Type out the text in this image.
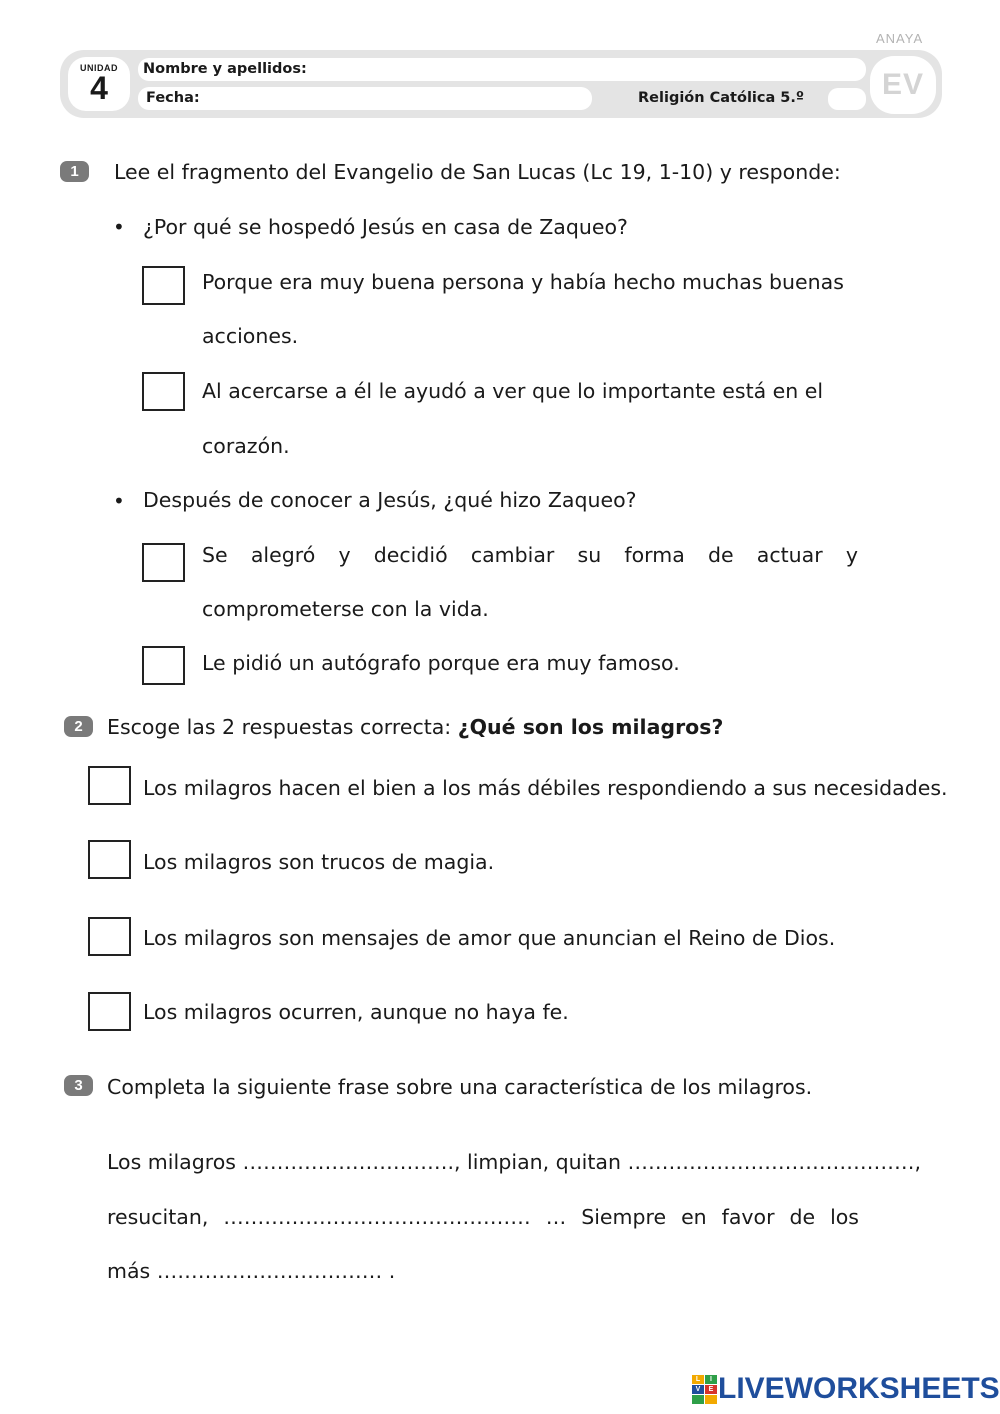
ANAYA
UNIDAD
4
Nombre y apellidos:
Fecha:	Religión Católica 5.º	EV
1	Lee el fragmento del Evangelio de San Lucas (Lc 19, 1-10) y responde:
• ¿Por qué se hospedó Jesús en casa de Zaqueo?
Porque era muy buena persona y había hecho muchas buenas
acciones.
Al acercarse a él le ayudó a ver que lo importante está en el
corazón.
• Después de conocer a Jesús, ¿qué hizo Zaqueo?
Se alegró y decidió cambiar su forma de actuar y
comprometerse con la vida.
Le pidió un autógrafo porque era muy famoso.
2	Escoge las 2 respuestas correcta: ¿Qué son los milagros?
Los milagros hacen el bien a los más débiles respondiendo a sus necesidades.
Los milagros son trucos de magia.
Los milagros son mensajes de amor que anuncian el Reino de Dios.
Los milagros ocurren, aunque no haya fe.
3	Completa la siguiente frase sobre una característica de los milagros.
Los milagros …………………………., limpian, quitan ……………………………………,
resucitan, ……………………………………… … Siempre en favor de los
más …………………………… .
L	I
V	E LIVEWORKSHEETS
